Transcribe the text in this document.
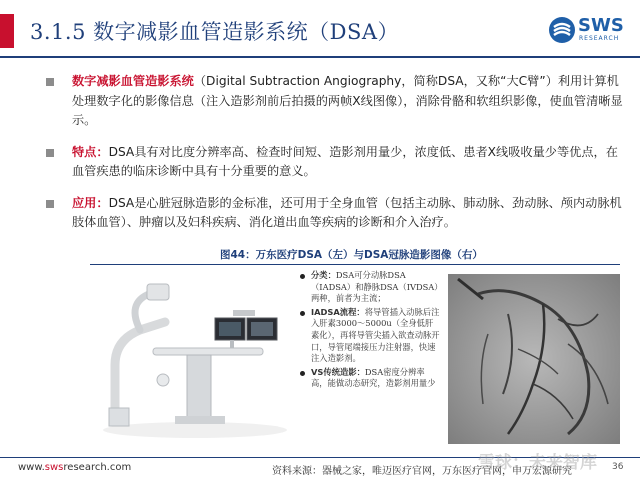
3.1.5 数字减影血管造影系统（DSA）	SWS
RESEARCH
数字减影血管造影系统（Digital Subtraction Angiography，简称DSA，又称“大C臂”）利用计算机处理数字化的影像信息（注入造影剂前后拍摄的两帧X线图像），消除骨骼和软组织影像，使血管清晰显示。
特点：DSA具有对比度分辨率高、检查时间短、造影剂用量少，浓度低、患者X线吸收量少等优点，在血管疾患的临床诊断中具有十分重要的意义。
应用：DSA是心脏冠脉造影的金标准，还可用于全身血管（包括主动脉、肺动脉、劲动脉、颅内动脉机肢体血管）、肿瘤以及妇科疾病、消化道出血等疾病的诊断和介入治疗。
图44：万东医疗DSA（左）与DSA冠脉造影图像（右）
分类：DSA可分动脉DSA（IADSA）和静脉DSA（IVDSA）两种，前者为主流；
IADSA流程：将导管插入动脉后注入肝素3000～5000u（全身低肝素化），再将导管尖插入欲查动脉开口，导管尾端接压力注射器，快速注入造影剂。
VS传统造影：DSA密度分辨率高，能做动态研究，造影剂用量少
www.swsresearch.com	资料来源：器械之家，唯迈医疗官网，万东医疗官网，申万宏源研究
雪球：未来智库 36
